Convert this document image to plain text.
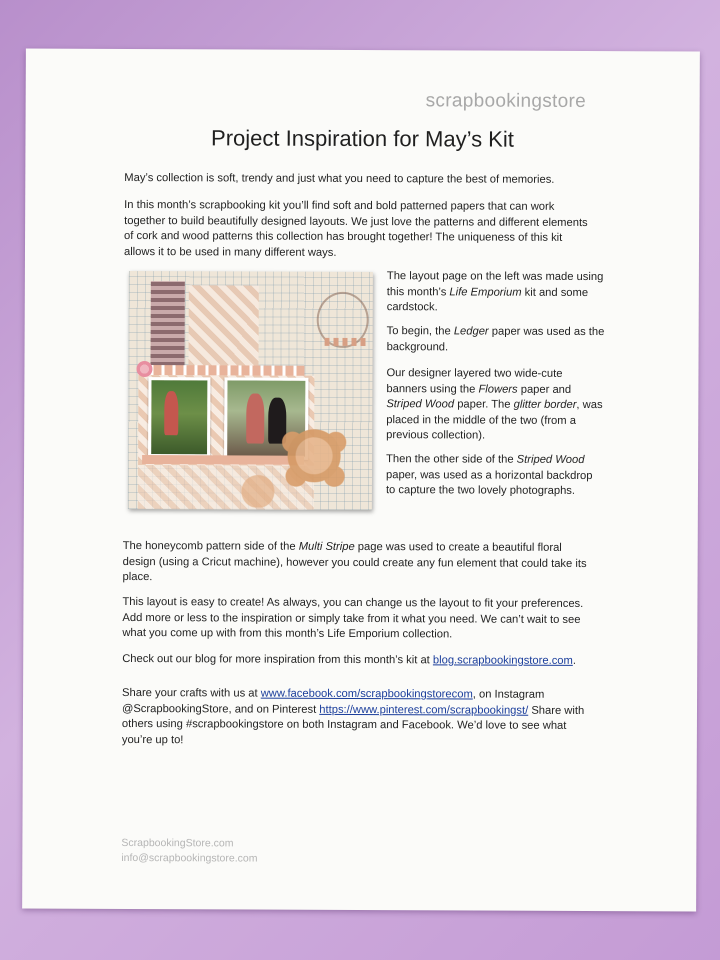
scrapbookingstore
Project Inspiration for May’s Kit

May’s collection is soft, trendy and just what you need to capture the best of memories.

In this month’s scrapbooking kit you’ll find soft and bold patterned papers that can work together to build beautifully designed layouts. We just love the patterns and different elements of cork and wood patterns this collection has brought together! The uniqueness of this kit allows it to be used in many different ways.

The layout page on the left was made using this month’s Life Emporium kit and some cardstock.

To begin, the Ledger paper was used as the background.

Our designer layered two wide-cute banners using the Flowers paper and Striped Wood paper. The glitter border, was placed in the middle of the two (from a previous collection).

Then the other side of the Striped Wood paper, was used as a horizontal backdrop to capture the two lovely photographs.

The honeycomb pattern side of the Multi Stripe page was used to create a beautiful floral design (using a Cricut machine), however you could create any fun element that could take its place.

This layout is easy to create! As always, you can change us the layout to fit your preferences. Add more or less to the inspiration or simply take from it what you need. We can’t wait to see what you come up with from this month’s Life Emporium collection.

Check out our blog for more inspiration from this month’s kit at blog.scrapbookingstore.com.

Share your crafts with us at www.facebook.com/scrapbookingstorecom, on Instagram @ScrapbookingStore, and on Pinterest https://www.pinterest.com/scrapbookingst/ Share with others using #scrapbookingstore on both Instagram and Facebook. We’d love to see what you’re up to!

ScrapbookingStore.com
info@scrapbookingstore.com
